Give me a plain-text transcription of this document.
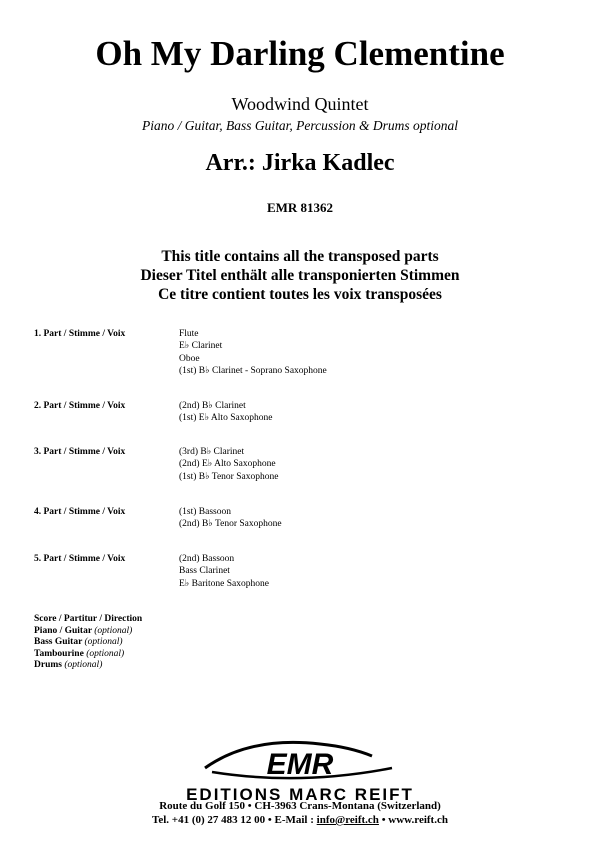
Oh My Darling Clementine
Woodwind Quintet
Piano / Guitar, Bass Guitar, Percussion & Drums optional
Arr.: Jirka Kadlec
EMR 81362
This title contains all the transposed parts
Dieser Titel enthält alle transponierten Stimmen
Ce titre contient toutes les voix transposées
1. Part / Stimme / Voix	Flute
E♭ Clarinet
Oboe
(1st) B♭ Clarinet - Soprano Saxophone
2. Part / Stimme / Voix	(2nd) B♭ Clarinet
(1st) E♭ Alto Saxophone
3. Part / Stimme / Voix	(3rd) B♭ Clarinet
(2nd) E♭ Alto Saxophone
(1st) B♭ Tenor Saxophone
4. Part / Stimme / Voix	(1st) Bassoon
(2nd) B♭ Tenor Saxophone
5. Part / Stimme / Voix	(2nd) Bassoon
Bass Clarinet
E♭ Baritone Saxophone
Score / Partitur / Direction
Piano / Guitar (optional)
Bass Guitar (optional)
Tambourine (optional)
Drums (optional)
EMR
EDITIONS MARC REIFT
Route du Golf 150 • CH-3963 Crans-Montana (Switzerland)
Tel. +41 (0) 27 483 12 00 • E-Mail : info@reift.ch • www.reift.ch
